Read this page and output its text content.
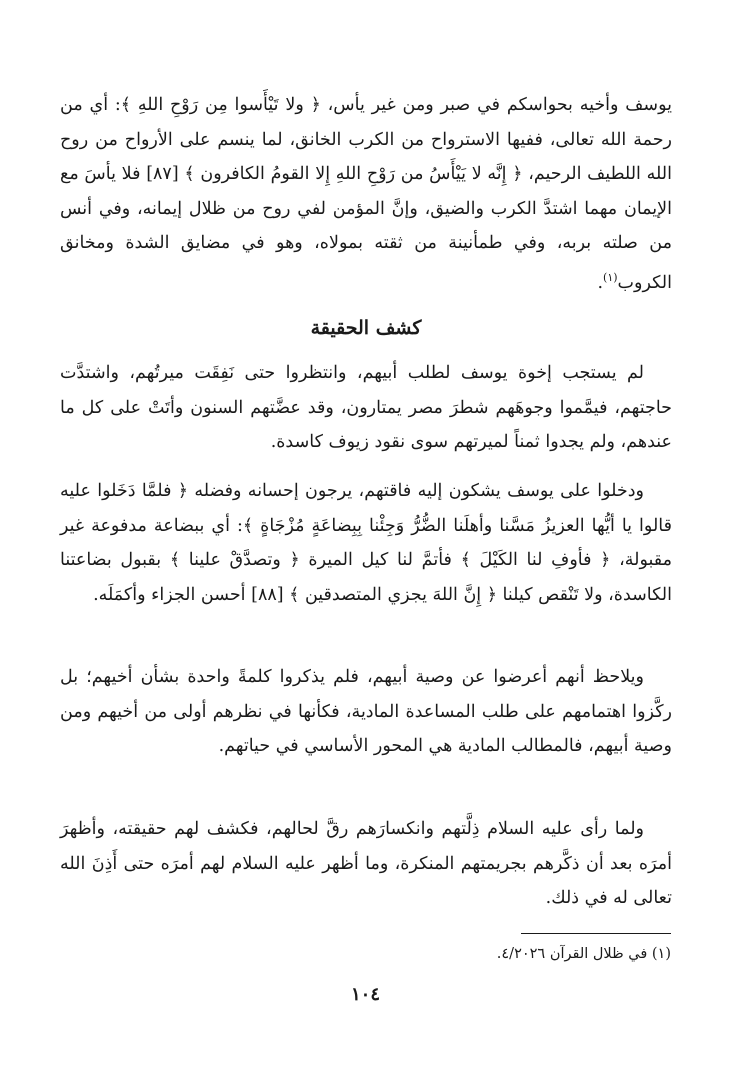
يوسف وأخيه بحواسكم في صبر ومن غير يأس، ﴿ ولا تَيْأَسوا مِن رَوْحِ اللهِ ﴾: أي من رحمة الله تعالى، ففيها الاسترواح من الكرب الخانق، لما ينسم على الأرواح من روح الله اللطيف الرحيم، ﴿ إِنَّه لا يَيْأَسُ من رَوْحِ اللهِ إِلا القومُ الكافرون ﴾ [٨٧] فلا يأسَ مع الإيمان مهما اشتدَّ الكرب والضيق، وإنَّ المؤمن لفي روح من ظلال إيمانه، وفي أنس من صلته بربه، وفي طمأنينة من ثقته بمولاه، وهو في مضايق الشدة ومخانق الكروب$^{(١)}$.

كشف الحقيقة

لم يستجب إخوة يوسف لطلب أبيهم، وانتظروا حتى نَفِقَت ميرتُهم، واشتدَّت حاجتهم، فيمَّموا وجوهَهم شطرَ مصر يمتارون، وقد عضَّتهم السنون وأتَتْ على كل ما عندهم، ولم يجدوا ثمناً لميرتهم سوى نقود زيوف كاسدة.

ودخلوا على يوسف يشكون إليه فاقتهم، يرجون إحسانه وفضله ﴿ فلمَّا دَخَلوا عليه قالوا يا أيُّها العزيزُ مَسَّنا وأهلَنا الضُّرُّ وَجِئْنا بِبِضاعَةٍ مُزْجَاةٍ ﴾: أي ببضاعة مدفوعة غير مقبولة، ﴿ فأوفِ لنا الكَيْلَ ﴾ فأتمَّ لنا كيل الميرة ﴿ وتصدَّقْ علينا ﴾ بقبول بضاعتنا الكاسدة، ولا تَنْقص كيلنا ﴿ إِنَّ اللهَ يجزي المتصدقين ﴾ [٨٨] أحسن الجزاء وأكمَلَه.

ويلاحظ أنهم أعرضوا عن وصية أبيهم، فلم يذكروا كلمةً واحدة بشأن أخيهم؛ بل ركَّزوا اهتمامهم على طلب المساعدة المادية، فكأنها في نظرهم أولى من أخيهم ومن وصية أبيهم، فالمطالب المادية هي المحور الأساسي في حياتهم.

ولما رأى عليه السلام ذِلَّتهم وانكسارَهم رقَّ لحالهم، فكشف لهم حقيقته، وأظهرَ أمرَه بعد أن ذكَّرهم بجريمتهم المنكرة، وما أظهر عليه السلام لهم أمرَه حتى أَذِنَ الله تعالى له في ذلك.

(١) في ظلال القرآن ٤/٢٠٢٦.

١٠٤
